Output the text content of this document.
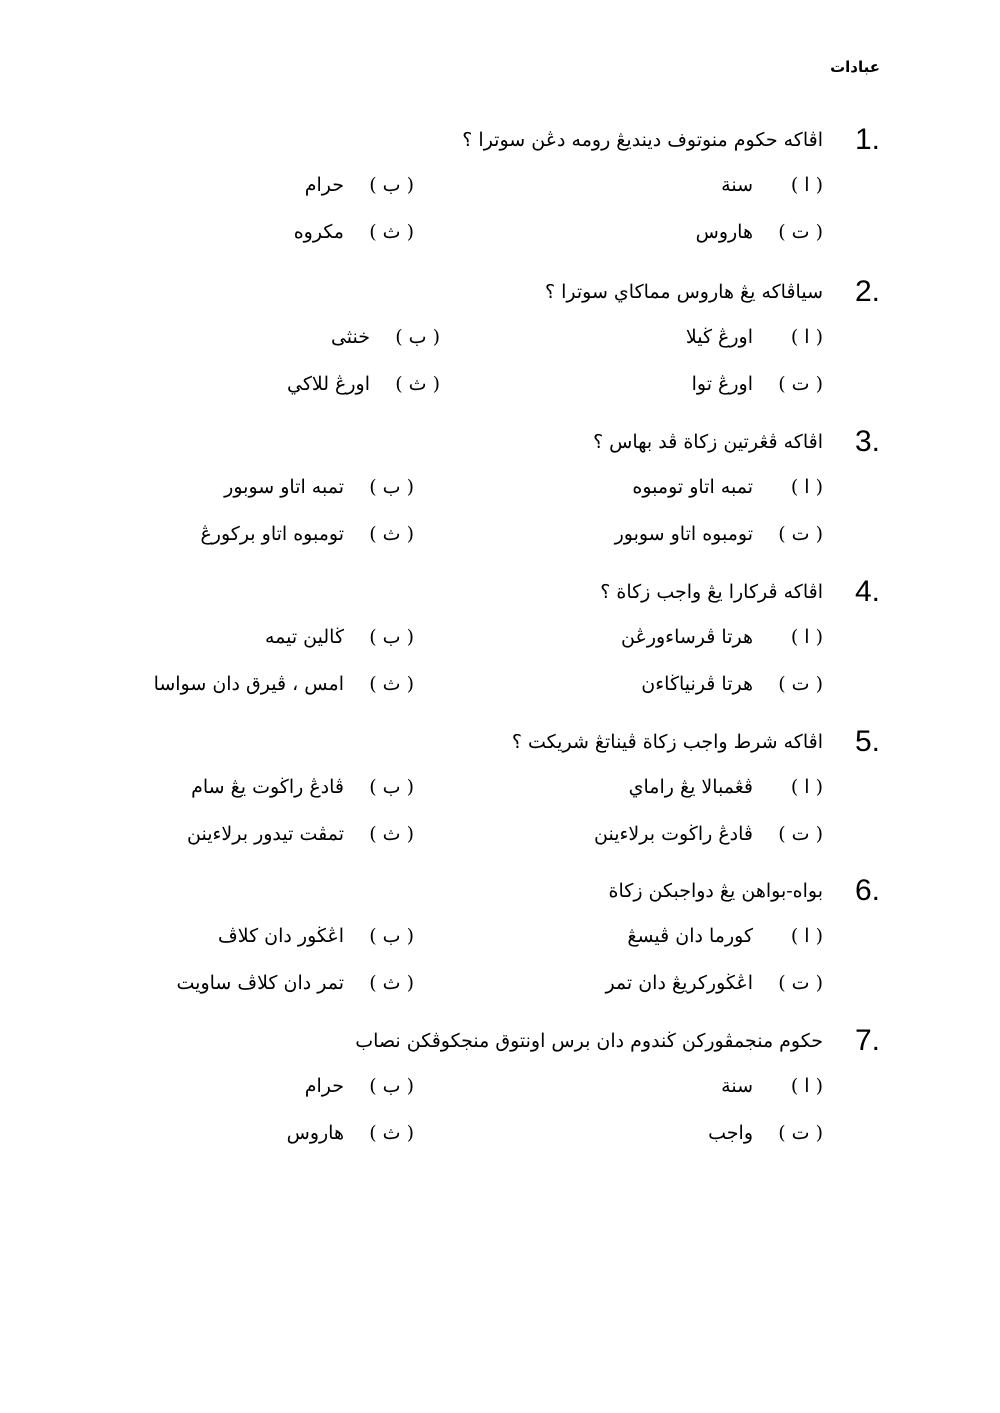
عبادات
1.
اڤاكه حكوم منوتوف دينديڠ رومه دڠن سوترا ؟
( ا )
سنة
( ب )
حرام
( ت )
هاروس
( ث )
مكروه
2.
سياڤاكه يڠ هاروس مماكاي سوترا ؟
( ا )
اورڠ ڬيلا
( ب )
خنثى
( ت )
اورڠ توا
( ث )
اورڠ للاكي
3.
اڤاكه ڤڠرتين زكاة ڤد بهاس ؟
( ا )
تمبه اتاو تومبوه
( ب )
تمبه اتاو سوبور
( ت )
تومبوه اتاو سوبور
( ث )
تومبوه اتاو بركورڠ
4.
اڤاكه ڤركارا يڠ واجب زكاة ؟
( ا )
هرتا ڤرساءورڠن
( ب )
ڬالين تيمه
( ت )
هرتا ڤرنياڬاءن
( ث )
امس ، ڤيرق دان سواسا
5.
اڤاكه شرط واجب زكاة ڤيناتڠ شريكت ؟
( ا )
ڤڠمبالا يڠ راماي
( ب )
ڤادڠ راڬوت يڠ سام
( ت )
ڤادڠ راڬوت برلاءينن
( ث )
تمڤت تيدور برلاءينن
6.
بواه-بواهن يڠ دواجبكن زكاة
( ا )
كورما دان ڤيسڠ
( ب )
اڠڬور دان كلاڤ
( ت )
اڠڬوركريڠ دان تمر
( ث )
تمر دان كلاڤ ساويت
7.
حكوم منجمڤوركن ڬندوم دان برس اونتوق منجكوڤكن نصاب
( ا )
سنة
( ب )
حرام
( ت )
واجب
( ث )
هاروس
